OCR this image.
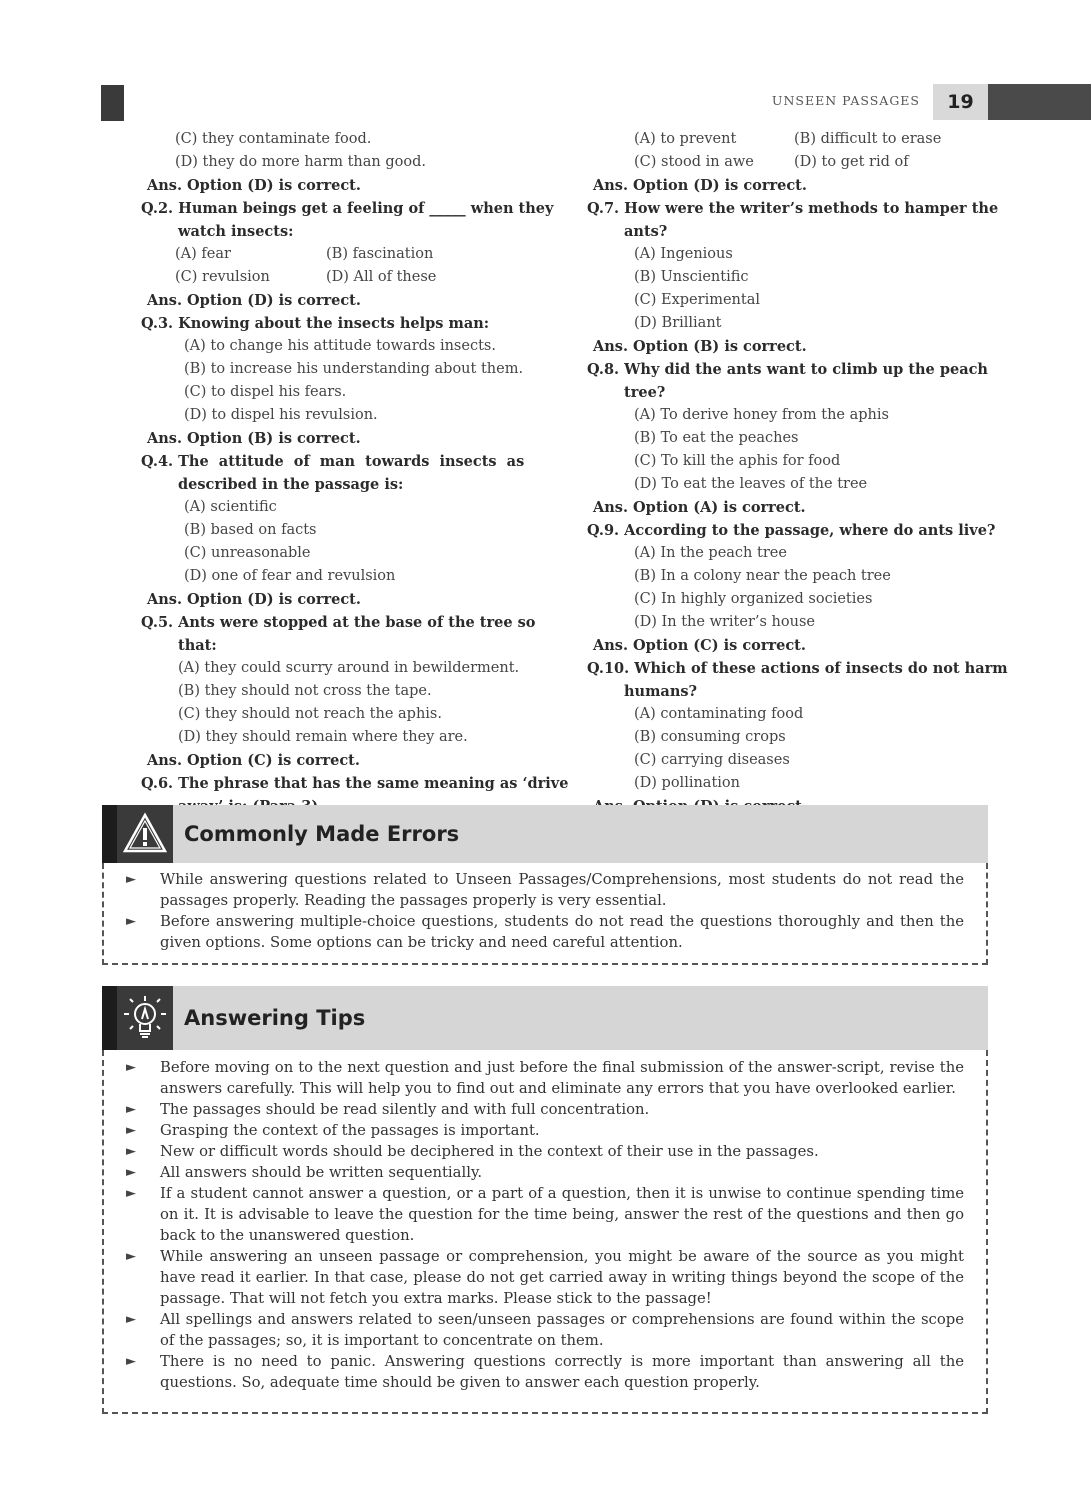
UNSEEN PASSAGES	19
(C) they contaminate food.
(D) they do more harm than good.
Ans. Option (D) is correct.
Q.2. Human beings get a feeling of _____ when they
watch insects:
(A) fear	(B) fascination
(C) revulsion	(D) All of these
Ans. Option (D) is correct.
Q.3. Knowing about the insects helps man:
(A) to change his attitude towards insects.
(B) to increase his understanding about them.
(C) to dispel his fears.
(D) to dispel his revulsion.
Ans. Option (B) is correct.
Q.4. The  attitude  of  man  towards  insects  as
described in the passage is:
(A) scientific
(B) based on facts
(C) unreasonable
(D) one of fear and revulsion
Ans. Option (D) is correct.
Q.5. Ants were stopped at the base of the tree so
that:
(A) they could scurry around in bewilderment.
(B) they should not cross the tape.
(C) they should not reach the aphis.
(D) they should remain where they are.
Ans. Option (C) is correct.
Q.6. The phrase that has the same meaning as ‘drive
(A) to prevent	(B) difficult to erase
(C) stood in awe	(D) to get rid of
Ans. Option (D) is correct.
Q.7. How were the writer’s methods to hamper the
ants?
(A) Ingenious
(B) Unscientific
(C) Experimental
(D) Brilliant
Ans. Option (B) is correct.
Q.8. Why did the ants want to climb up the peach
tree?
(A) To derive honey from the aphis
(B) To eat the peaches
(C) To kill the aphis for food
(D) To eat the leaves of the tree
Ans. Option (A) is correct.
Q.9. According to the passage, where do ants live?
(A) In the peach tree
(B) In a colony near the peach tree
(C) In highly organized societies
(D) In the writer’s house
Ans. Option (C) is correct.
Q.10. Which of these actions of insects do not harm
humans?
(A) contaminating food
(B) consuming crops
(C) carrying diseases
(D) pollination
Commonly Made Errors
► While answering questions related to Unseen Passages/Comprehensions, most students do not read the passages properly. Reading the passages properly is very essential.
► Before answering multiple-choice questions, students do not read the questions thoroughly and then the given options. Some options can be tricky and need careful attention.
Answering Tips
► Before moving on to the next question and just before the final submission of the answer-script, revise the answers carefully. This will help you to find out and eliminate any errors that you have overlooked earlier.
► The passages should be read silently and with full concentration.
► Grasping the context of the passages is important.
► New or difficult words should be deciphered in the context of their use in the passages.
► All answers should be written sequentially.
► If a student cannot answer a question, or a part of a question, then it is unwise to continue spending time on it. It is advisable to leave the question for the time being, answer the rest of the questions and then go back to the unanswered question.
► While answering an unseen passage or comprehension, you might be aware of the source as you might have read it earlier. In that case, please do not get carried away in writing things beyond the scope of the passage. That will not fetch you extra marks. Please stick to the passage!
► All spellings and answers related to seen/unseen passages or comprehensions are found within the scope of the passages; so, it is important to concentrate on them.
► There is no need to panic. Answering questions correctly is more important than answering all the questions. So, adequate time should be given to answer each question properly.
